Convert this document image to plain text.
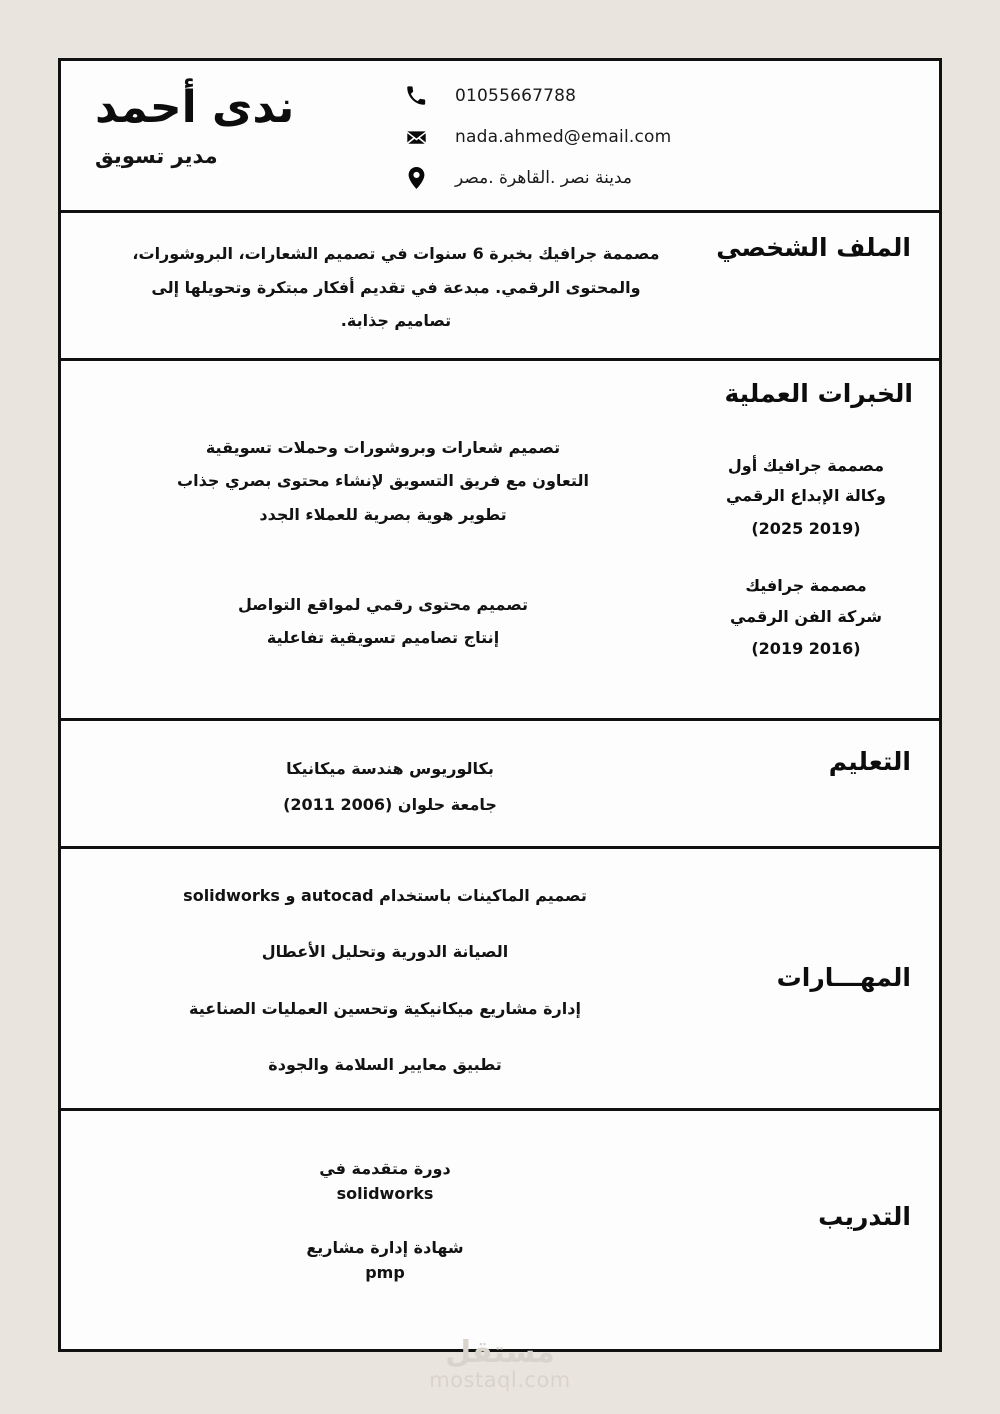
ندى أحمد
مدير تسويق
01055667788
nada.ahmed@email.com
مدينة نصر .القاهرة .مصر
الملف الشخصي
مصممة جرافيك بخبرة 6 سنوات في تصميم الشعارات، البروشورات، والمحتوى الرقمي. مبدعة في تقديم أفكار مبتكرة وتحويلها إلى تصاميم جذابة.
الخبرات العملية
مصممة جرافيك أول
وكالة الإبداع الرقمي
(2025 2019)
مصممة جرافيك
شركة الفن الرقمي
(2019 2016)
تصميم شعارات وبروشورات وحملات تسويقية
التعاون مع فريق التسويق لإنشاء محتوى بصري جذاب
تطوير هوية بصرية للعملاء الجدد
تصميم محتوى رقمي لمواقع التواصل
إنتاج تصاميم تسويقية تفاعلية
التعليم
بكالوريوس هندسة ميكانيكا
جامعة حلوان (2006 2011)
المهـــارات
تصميم الماكينات باستخدام autocad و solidworks
الصيانة الدورية وتحليل الأعطال
إدارة مشاريع ميكانيكية وتحسين العمليات الصناعية
تطبيق معايير السلامة والجودة
التدريب
دورة متقدمة في
solidworks
شهادة إدارة مشاريع
pmp
مستقل
mostaql.com
